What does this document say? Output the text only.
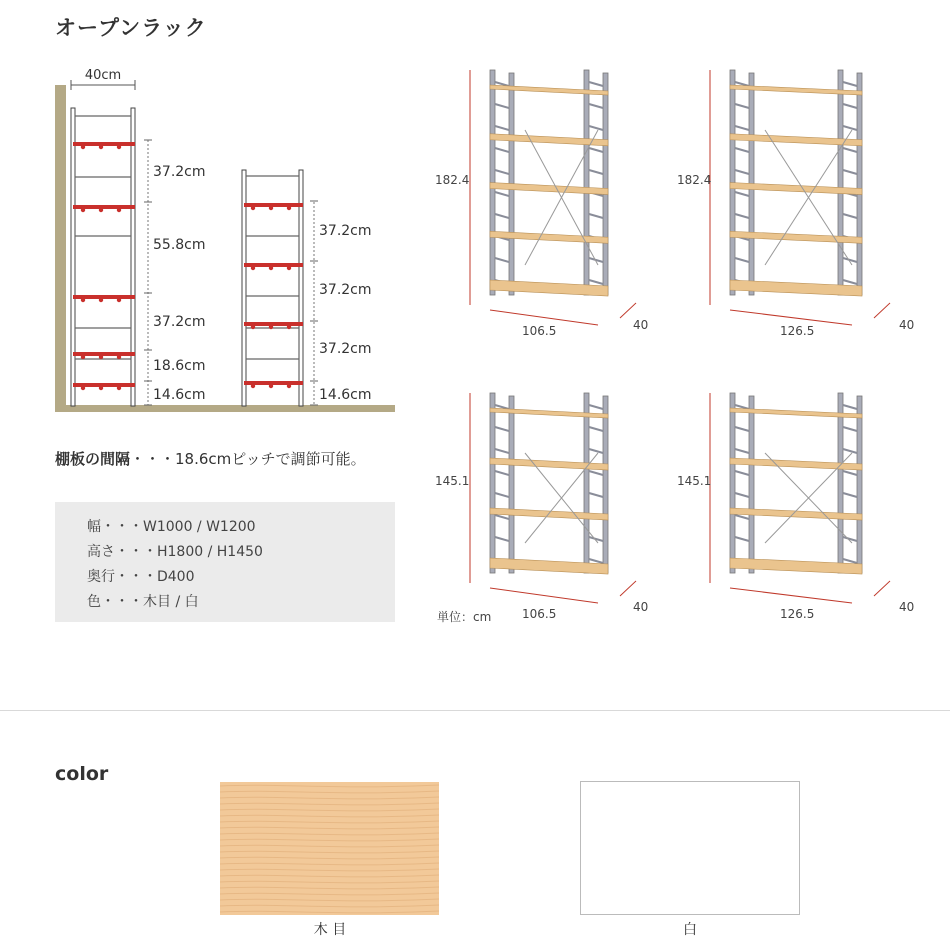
オープンラック
40cm
37.2cm
55.8cm
37.2cm
18.6cm
14.6cm
37.2cm
37.2cm
37.2cm
14.6cm
棚板の間隔・・・18.6cmピッチで調節可能。
幅・・・W1000 / W1200
高さ・・・H1800 / H1450
奥行・・・D400
色・・・木目 / 白
182.4
106.5	40
182.4
126.5	40
145.1
106.5	40
145.1
126.5	40
単位：cm
color
木 目	白
